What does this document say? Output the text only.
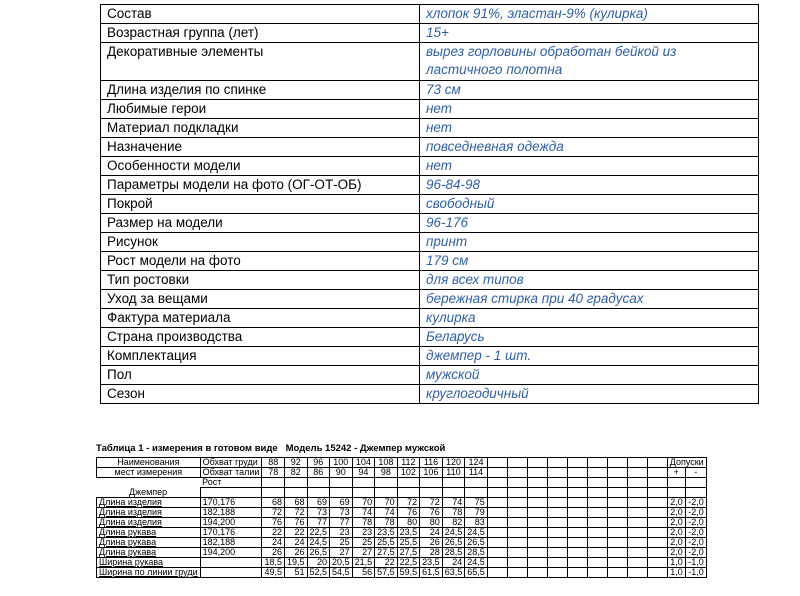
Состав	хлопок 91%, эластан-9% (кулирка)
Возрастная группа (лет)	15+
Декоративные элементы	вырез горловины обработан бейкой из ластичного полотна
Длина изделия по спинке	73 см
Любимые герои	нет
Материал подкладки	нет
Назначение	повседневная одежда
Особенности модели	нет
Параметры модели на фото (ОГ-ОТ-ОБ)	96-84-98
Покрой	свободный
Размер на модели	96-176
Рисунок	принт
Рост модели на фото	179 см
Тип ростовки	для всех типов
Уход за вещами	бережная стирка при 40 градусах
Фактура материала	кулирка
Страна производства	Беларусь
Комплектация	джемпер - 1 шт.
Пол	мужской
Сезон	круглогодичный
Таблица 1 - измерения в готовом виде   Модель 15242 - Джемпер мужской
Наименования	Обхват груди	88	92	96	100	104	108	112	116	120	124										Допуски	
мест измерения	Обхват талии	78	82	86	90	94	98	102	106	110	114										+	-
	Рост																					
Джемпер																						
Длина изделия	170,176	68	68	69	69	70	70	72	72	74	75										2,0	-2,0
Длина изделия	182,188	72	72	73	73	74	74	76	76	78	79										2,0	-2,0
Длина изделия	194,200	76	76	77	77	78	78	80	80	82	83										2,0	-2,0
Длина рукава	170,176	22	22	22,5	23	23	23,5	23,5	24	24,5	24,5										2,0	-2,0
Длина рукава	182,188	24	24	24,5	25	25	25,5	25,5	26	26,5	26,5										2,0	-2,0
Длина рукава	194,200	26	26	26,5	27	27	27,5	27,5	28	28,5	28,5										2,0	-2,0
Ширина рукава		18,5	19,5	20	20,5	21,5	22	22,5	23,5	24	24,5										1,0	-1,0
Ширина по линии груди		49,5	51	52,5	54,5	56	57,5	59,5	61,5	63,5	65,5										1,0	-1,0
